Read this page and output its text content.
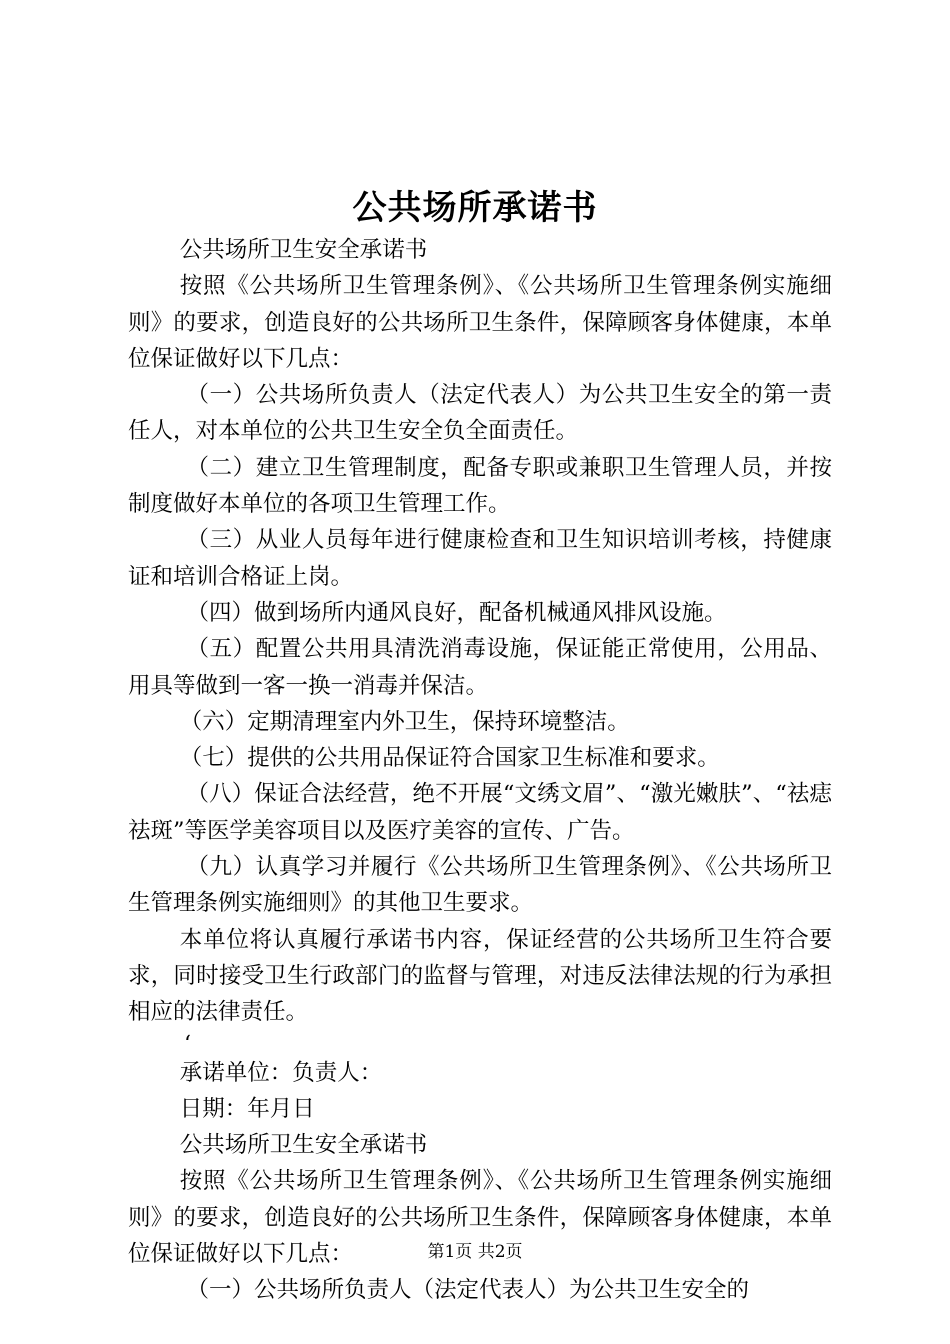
公共场所承诺书

公共场所卫生安全承诺书

按照《公共场所卫生管理条例》、《公共场所卫生管理条例实施细则》的要求，创造良好的公共场所卫生条件，保障顾客身体健康，本单位保证做好以下几点：

（一）公共场所负责人（法定代表人）为公共卫生安全的第一责任人，对本单位的公共卫生安全负全面责任。

（二）建立卫生管理制度，配备专职或兼职卫生管理人员，并按制度做好本单位的各项卫生管理工作。

（三）从业人员每年进行健康检查和卫生知识培训考核，持健康证和培训合格证上岗。

（四）做到场所内通风良好，配备机械通风排风设施。

（五）配置公共用具清洗消毒设施，保证能正常使用，公用品、用具等做到一客一换一消毒并保洁。

（六）定期清理室内外卫生，保持环境整洁。

（七）提供的公共用品保证符合国家卫生标准和要求。

（八）保证合法经营，绝不开展“文绣文眉”、“激光嫩肤”、“祛痣祛斑”等医学美容项目以及医疗美容的宣传、广告。

（九）认真学习并履行《公共场所卫生管理条例》、《公共场所卫生管理条例实施细则》的其他卫生要求。

本单位将认真履行承诺书内容，保证经营的公共场所卫生符合要求，同时接受卫生行政部门的监督与管理，对违反法律法规的行为承担相应的法律责任。

‘

承诺单位：负责人：

日期：年月日

公共场所卫生安全承诺书

按照《公共场所卫生管理条例》、《公共场所卫生管理条例实施细则》的要求，创造良好的公共场所卫生条件，保障顾客身体健康，本单位保证做好以下几点：

（一）公共场所负责人（法定代表人）为公共卫生安全的

第1页 共2页
